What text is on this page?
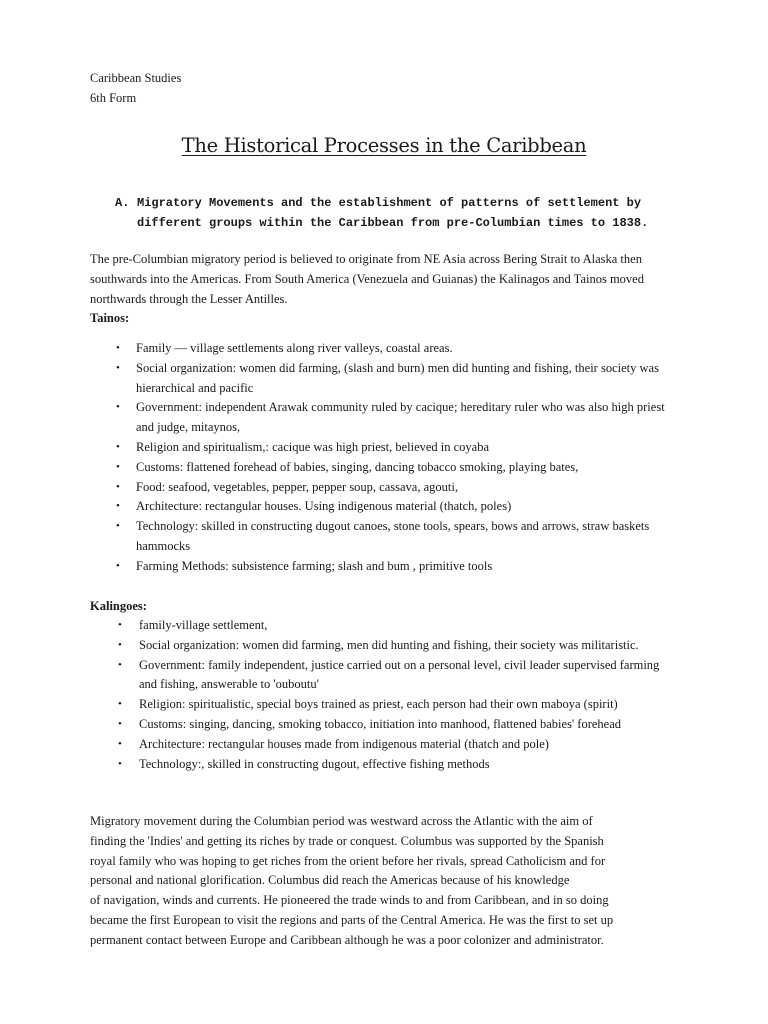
Caribbean Studies
6th Form
The Historical Processes in the Caribbean
A. Migratory Movements and the establishment of patterns of settlement by different groups within the Caribbean from pre-Columbian times to 1838.
The pre-Columbian migratory period is believed to originate from NE Asia across Bering Strait to Alaska then southwards into the Americas. From South America (Venezuela and Guianas) the Kalinagos and Tainos moved northwards through the Lesser Antilles.
Tainos:
• Family — village settlements along river valleys, coastal areas.
• Social organization: women did farming, (slash and burn) men did hunting and fishing, their society was hierarchical and pacific
• Government: independent Arawak community ruled by cacique; hereditary ruler who was also high priest and judge, mitaynos,
• Religion and spiritualism,: cacique was high priest, believed in coyaba
• Customs: flattened forehead of babies, singing, dancing tobacco smoking, playing bates,
• Food: seafood, vegetables, pepper, pepper soup, cassava, agouti,
• Architecture: rectangular houses. Using indigenous material (thatch, poles)
• Technology: skilled in constructing dugout canoes, stone tools, spears, bows and arrows, straw baskets hammocks
• Farming Methods: subsistence farming; slash and bum , primitive tools
Kalingoes:
• family-village settlement,
• Social organization: women did farming, men did hunting and fishing, their society was militaristic.
• Government: family independent, justice carried out on a personal level, civil leader supervised farming and fishing, answerable to 'ouboutu'
• Religion: spiritualistic, special boys trained as priest, each person had their own maboya (spirit)
• Customs: singing, dancing, smoking tobacco, initiation into manhood, flattened babies' forehead
• Architecture: rectangular houses made from indigenous material (thatch and pole)
• Technology:, skilled in constructing dugout, effective fishing methods
Migratory movement during the Columbian period was westward across the Atlantic with the aim of
finding the 'Indies' and getting its riches by trade or conquest. Columbus was supported by the Spanish
royal family who was hoping to get riches from the orient before her rivals, spread Catholicism and for
personal and national glorification. Columbus did reach the Americas because of his knowledge
of navigation, winds and currents. He pioneered the trade winds to and from Caribbean, and in so doing
became the first European to visit the regions and parts of the Central America. He was the first to set up
permanent contact between Europe and Caribbean although he was a poor colonizer and administrator.
